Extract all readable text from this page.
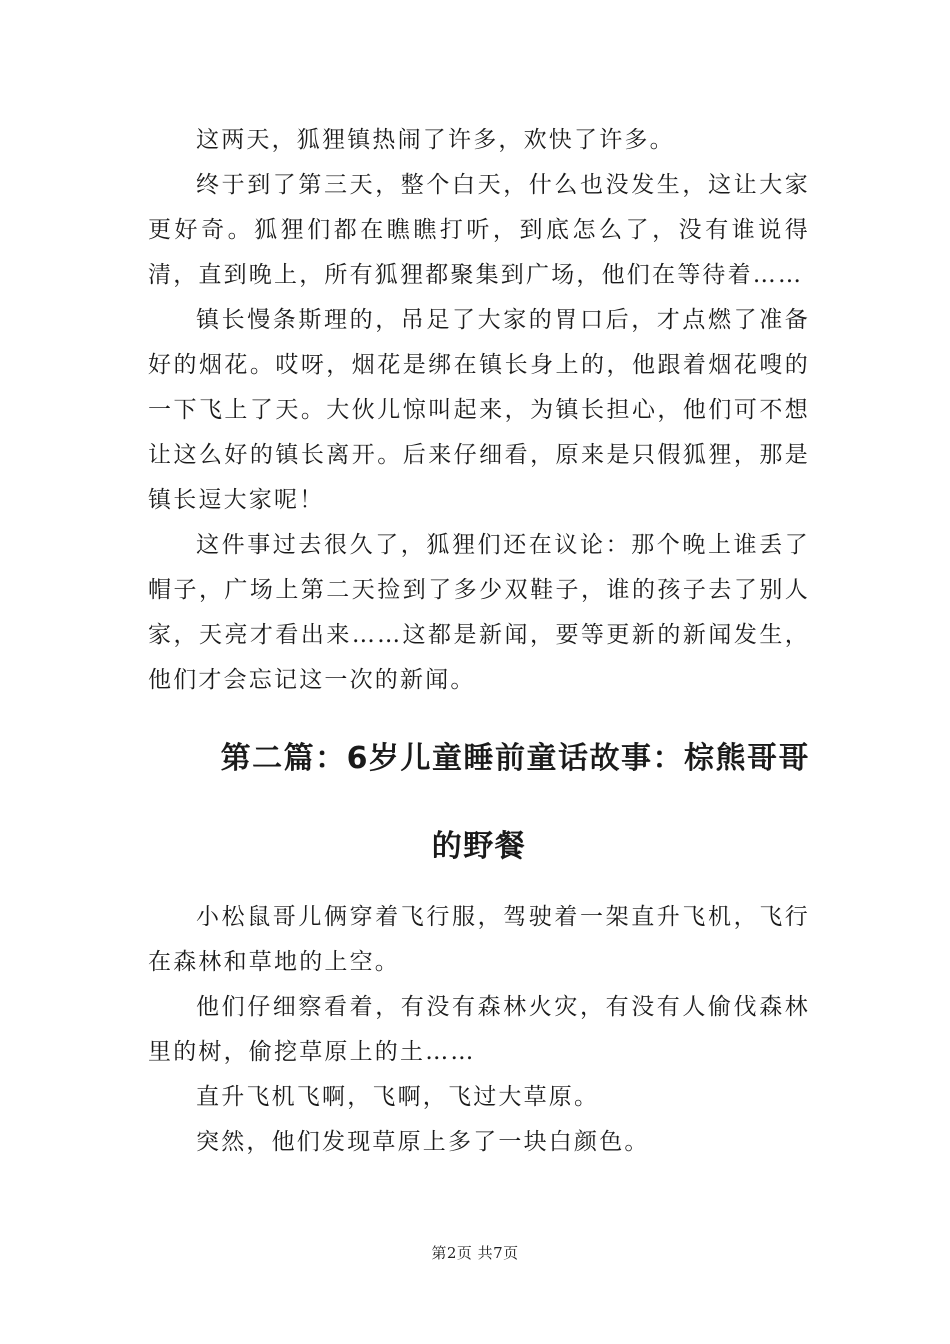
这两天，狐狸镇热闹了许多，欢快了许多。

终于到了第三天，整个白天，什么也没发生，这让大家更好奇。狐狸们都在瞧瞧打听，到底怎么了，没有谁说得清，直到晚上，所有狐狸都聚集到广场，他们在等待着……

镇长慢条斯理的，吊足了大家的胃口后，才点燃了准备好的烟花。哎呀，烟花是绑在镇长身上的，他跟着烟花嗖的一下飞上了天。大伙儿惊叫起来，为镇长担心，他们可不想让这么好的镇长离开。后来仔细看，原来是只假狐狸，那是镇长逗大家呢！

这件事过去很久了，狐狸们还在议论：那个晚上谁丢了帽子，广场上第二天捡到了多少双鞋子，谁的孩子去了别人家，天亮才看出来……这都是新闻，要等更新的新闻发生，他们才会忘记这一次的新闻。

第二篇：6岁儿童睡前童话故事：棕熊哥哥
的野餐

小松鼠哥儿俩穿着飞行服，驾驶着一架直升飞机，飞行在森林和草地的上空。

他们仔细察看着，有没有森林火灾，有没有人偷伐森林里的树，偷挖草原上的土……

直升飞机飞啊，飞啊，飞过大草原。

突然，他们发现草原上多了一块白颜色。

第2页 共7页
